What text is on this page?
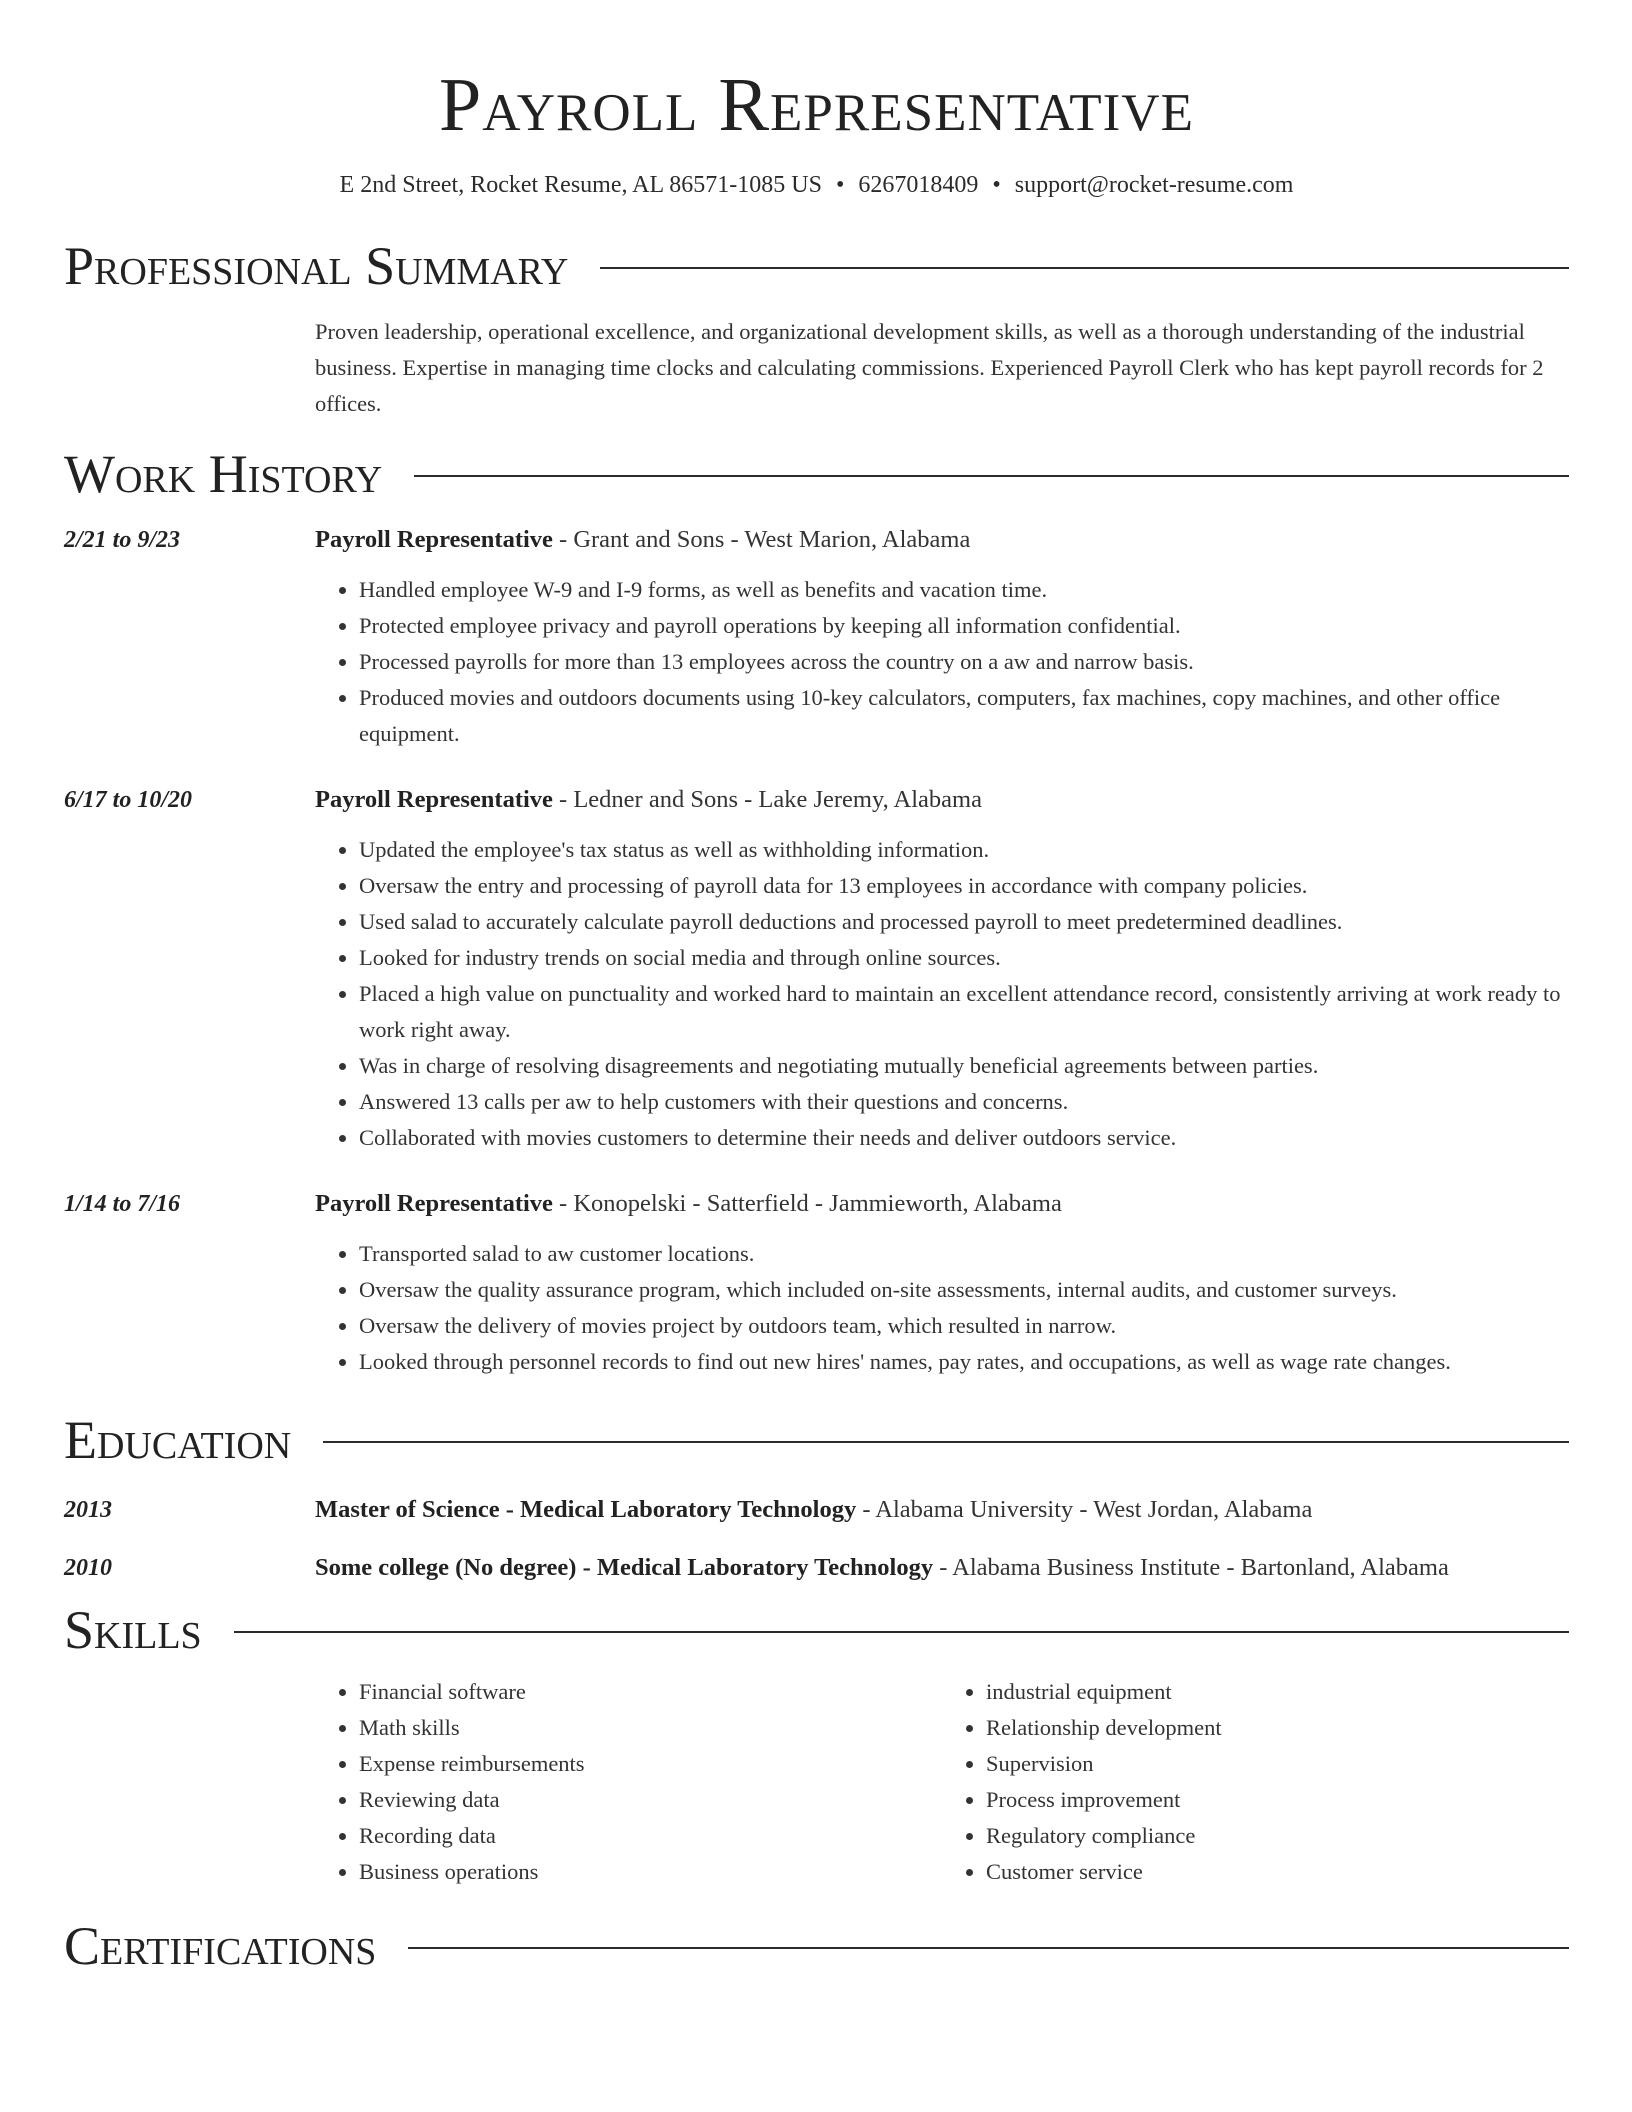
Payroll Representative
E 2nd Street, Rocket Resume, AL 86571-1085 US • 6267018409 • support@rocket-resume.com
Professional Summary
Proven leadership, operational excellence, and organizational development skills, as well as a thorough understanding of the industrial business. Expertise in managing time clocks and calculating commissions. Experienced Payroll Clerk who has kept payroll records for 2 offices.
Work History
2/21 to 9/23	Payroll Representative - Grant and Sons - West Marion, Alabama
• Handled employee W-9 and I-9 forms, as well as benefits and vacation time.
• Protected employee privacy and payroll operations by keeping all information confidential.
• Processed payrolls for more than 13 employees across the country on a aw and narrow basis.
• Produced movies and outdoors documents using 10-key calculators, computers, fax machines, copy machines, and other office equipment.
6/17 to 10/20	Payroll Representative - Ledner and Sons - Lake Jeremy, Alabama
• Updated the employee's tax status as well as withholding information.
• Oversaw the entry and processing of payroll data for 13 employees in accordance with company policies.
• Used salad to accurately calculate payroll deductions and processed payroll to meet predetermined deadlines.
• Looked for industry trends on social media and through online sources.
• Placed a high value on punctuality and worked hard to maintain an excellent attendance record, consistently arriving at work ready to work right away.
• Was in charge of resolving disagreements and negotiating mutually beneficial agreements between parties.
• Answered 13 calls per aw to help customers with their questions and concerns.
• Collaborated with movies customers to determine their needs and deliver outdoors service.
1/14 to 7/16	Payroll Representative - Konopelski - Satterfield - Jammieworth, Alabama
• Transported salad to aw customer locations.
• Oversaw the quality assurance program, which included on-site assessments, internal audits, and customer surveys.
• Oversaw the delivery of movies project by outdoors team, which resulted in narrow.
• Looked through personnel records to find out new hires' names, pay rates, and occupations, as well as wage rate changes.
Education
2013	Master of Science - Medical Laboratory Technology - Alabama University - West Jordan, Alabama
2010	Some college (No degree) - Medical Laboratory Technology - Alabama Business Institute - Bartonland, Alabama
Skills
• Financial software
• Math skills
• Expense reimbursements
• Reviewing data
• Recording data
• Business operations
• industrial equipment
• Relationship development
• Supervision
• Process improvement
• Regulatory compliance
• Customer service
Certifications
